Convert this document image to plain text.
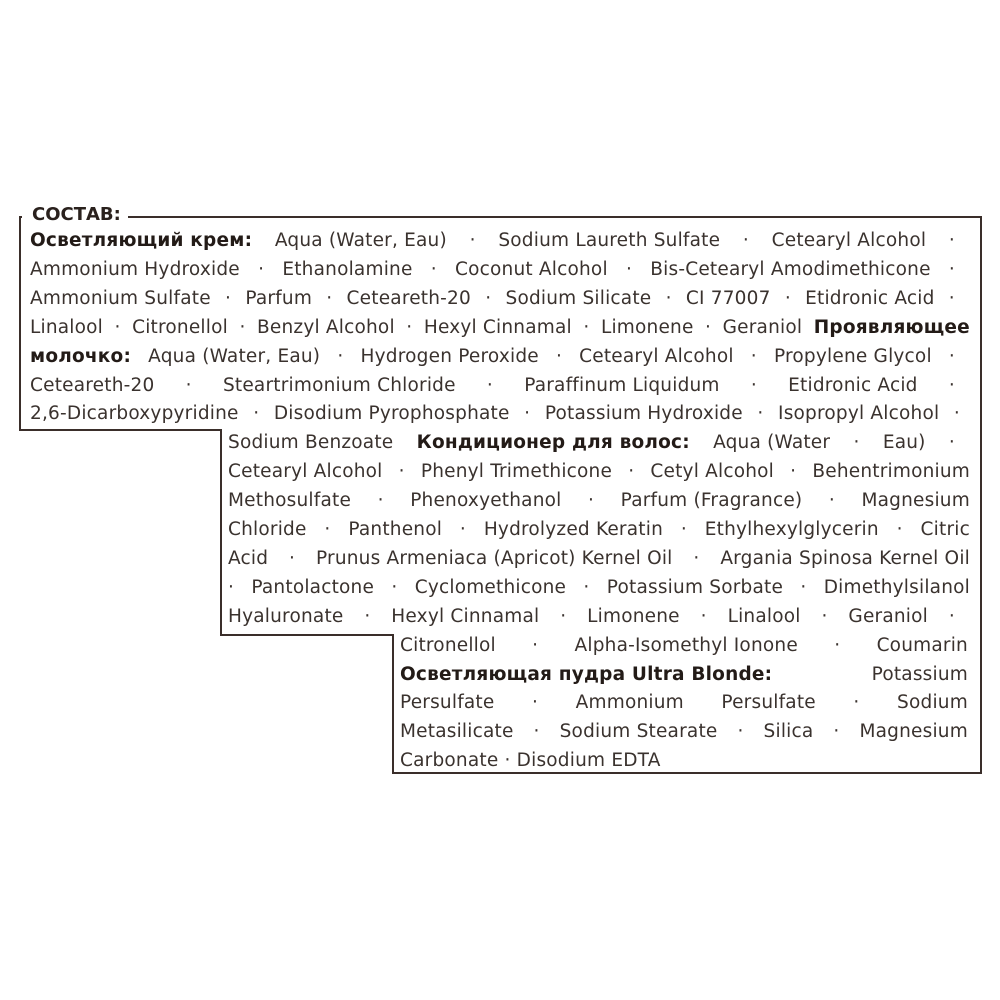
СОСТАВ:
Осветляющий крем: Aqua (Water, Eau) · Sodium Laureth Sulfate · Cetearyl Alcohol ·
Ammonium Hydroxide · Ethanolamine · Coconut Alcohol · Bis-Cetearyl Amodimethicone ·
Ammonium Sulfate · Parfum · Ceteareth-20 · Sodium Silicate · CI 77007 · Etidronic Acid ·
Linalool · Citronellol · Benzyl Alcohol · Hexyl Cinnamal · Limonene · Geraniol Проявляющее
молочко: Aqua (Water, Eau) · Hydrogen Peroxide · Cetearyl Alcohol · Propylene Glycol ·
Ceteareth-20 · Steartrimonium Chloride · Paraffinum Liquidum · Etidronic Acid ·
2,6-Dicarboxypyridine · Disodium Pyrophosphate · Potassium Hydroxide · Isopropyl Alcohol ·
Sodium Benzoate Кондиционер для волос: Aqua (Water · Eau) ·
Cetearyl Alcohol · Phenyl Trimethicone · Cetyl Alcohol · Behentrimonium
Methosulfate · Phenoxyethanol · Parfum (Fragrance) · Magnesium
Chloride · Panthenol · Hydrolyzed Keratin · Ethylhexylglycerin · Citric
Acid · Prunus Armeniaca (Apricot) Kernel Oil · Argania Spinosa Kernel Oil
· Pantolactone · Cyclomethicone · Potassium Sorbate · Dimethylsilanol
Hyaluronate · Hexyl Cinnamal · Limonene · Linalool · Geraniol ·
Citronellol · Alpha-Isomethyl Ionone · Coumarin
Осветляющая пудра Ultra Blonde:	Potassium
Persulfate · Ammonium Persulfate · Sodium
Metasilicate · Sodium Stearate · Silica · Magnesium
Carbonate · Disodium EDTA
